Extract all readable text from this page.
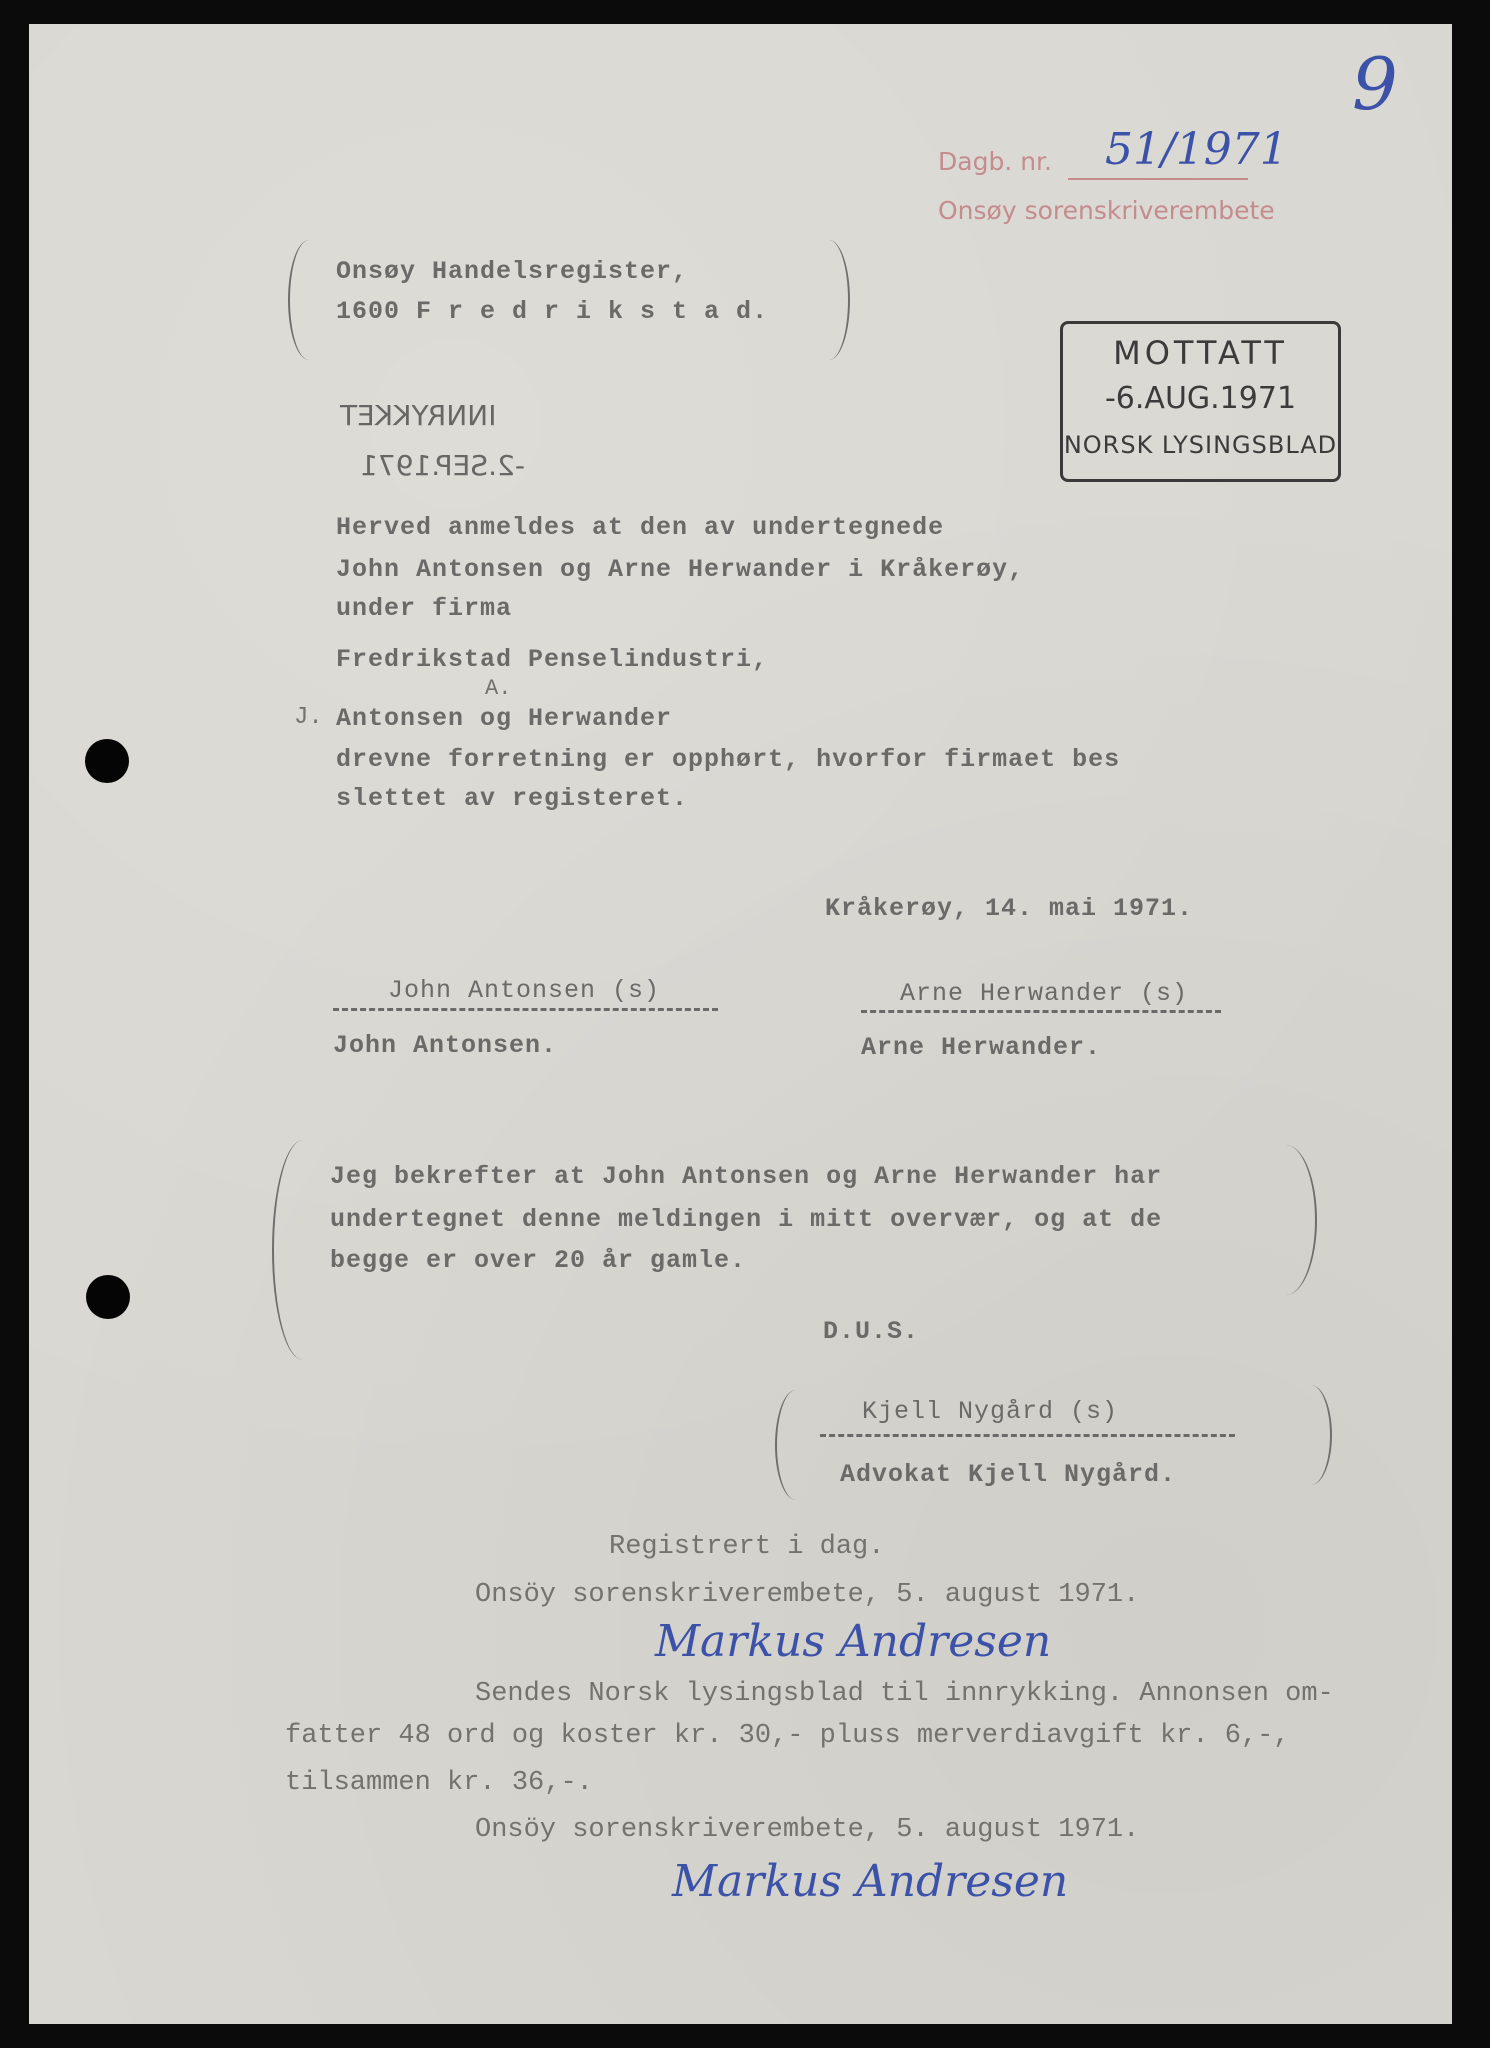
9
Dagb. nr. 51/1971
Onsøy sorenskriverembete
Onsøy Handelsregister,
1600 F r e d r i k s t a d.
MOTTATT
-6.AUG.1971
NORSK LYSINGSBLAD
INNRYKKET
-2.SEP.1971
Herved anmeldes at den av undertegnede
John Antonsen og Arne Herwander i Kråkerøy,
under firma
Fredrikstad Penselindustri,
A.
J. Antonsen og Herwander
drevne forretning er opphørt, hvorfor firmaet bes
slettet av registeret.
Kråkerøy, 14. mai 1971.
John Antonsen (s)
John Antonsen.
Arne Herwander (s)
Arne Herwander.
Jeg bekrefter at John Antonsen og Arne Herwander har
undertegnet denne meldingen i mitt overvær, og at de
begge er over 20 år gamle.
D.U.S.
Kjell Nygård (s)
Advokat Kjell Nygård.
Registrert i dag.
Onsöy sorenskriverembete, 5. august 1971.
Markus Andresen
Sendes Norsk lysingsblad til innrykking. Annonsen om-
fatter 48 ord og koster kr. 30,- pluss merverdiavgift kr. 6,-,
tilsammen kr. 36,-.
Onsöy sorenskriverembete, 5. august 1971.
Markus Andresen
